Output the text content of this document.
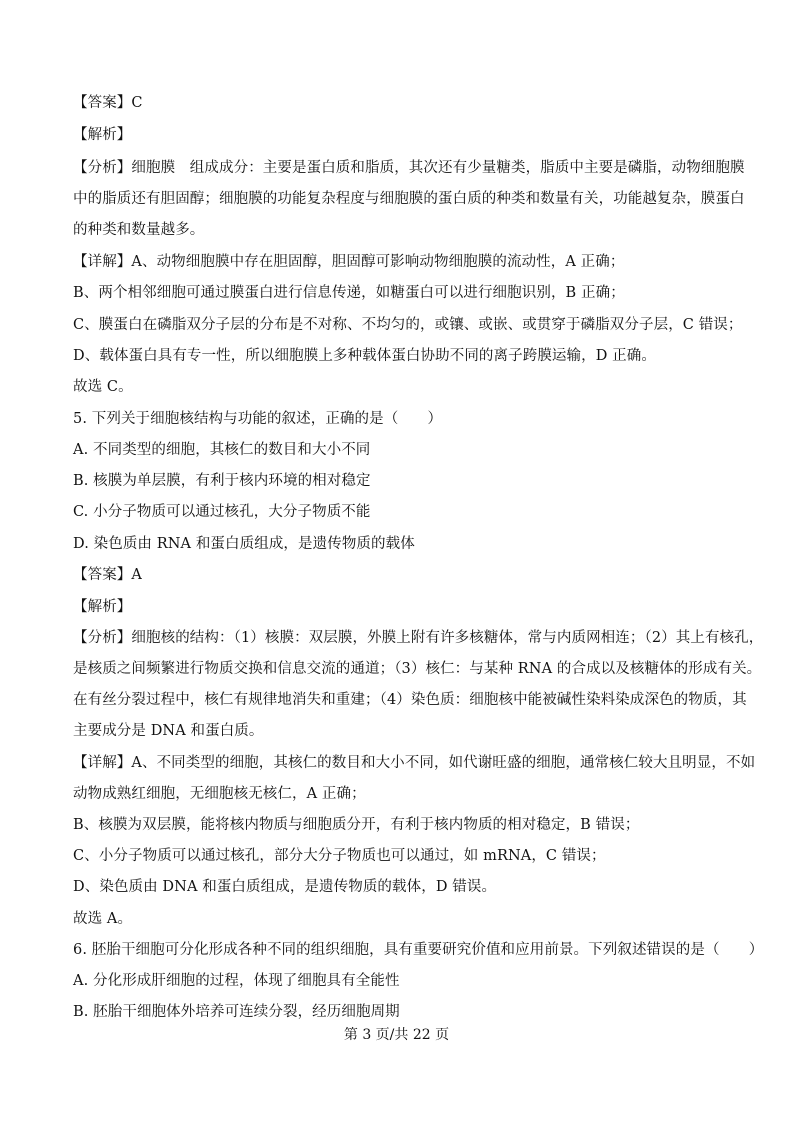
【答案】C
【解析】
【分析】细胞膜　组成成分：主要是蛋白质和脂质，其次还有少量糖类，脂质中主要是磷脂，动物细胞膜
中的脂质还有胆固醇；细胞膜的功能复杂程度与细胞膜的蛋白质的种类和数量有关，功能越复杂，膜蛋白
的种类和数量越多。
【详解】A、动物细胞膜中存在胆固醇，胆固醇可影响动物细胞膜的流动性，A 正确；
B、两个相邻细胞可通过膜蛋白进行信息传递，如糖蛋白可以进行细胞识别，B 正确；
C、膜蛋白在磷脂双分子层的分布是不对称、不均匀的，或镶、或嵌、或贯穿于磷脂双分子层，C 错误；
D、载体蛋白具有专一性，所以细胞膜上多种载体蛋白协助不同的离子跨膜运输，D 正确。
故选 C。
5. 下列关于细胞核结构与功能的叙述，正确的是（　　）
A. 不同类型的细胞，其核仁的数目和大小不同
B. 核膜为单层膜，有利于核内环境的相对稳定
C. 小分子物质可以通过核孔，大分子物质不能
D. 染色质由 RNA 和蛋白质组成，是遗传物质的载体
【答案】A
【解析】
【分析】细胞核的结构：（1）核膜：双层膜，外膜上附有许多核糖体，常与内质网相连；（2）其上有核孔，
是核质之间频繁进行物质交换和信息交流的通道；（3）核仁：与某种 RNA 的合成以及核糖体的形成有关。
在有丝分裂过程中，核仁有规律地消失和重建；（4）染色质：细胞核中能被碱性染料染成深色的物质，其
主要成分是 DNA 和蛋白质。
【详解】A、不同类型的细胞，其核仁的数目和大小不同，如代谢旺盛的细胞，通常核仁较大且明显，不如
动物成熟红细胞，无细胞核无核仁，A 正确；
B、核膜为双层膜，能将核内物质与细胞质分开，有利于核内物质的相对稳定，B 错误；
C、小分子物质可以通过核孔，部分大分子物质也可以通过，如 mRNA，C 错误；
D、染色质由 DNA 和蛋白质组成，是遗传物质的载体，D 错误。
故选 A。
6. 胚胎干细胞可分化形成各种不同的组织细胞，具有重要研究价值和应用前景。下列叙述错误的是（　　）
A. 分化形成肝细胞的过程，体现了细胞具有全能性
B. 胚胎干细胞体外培养可连续分裂，经历细胞周期
第 3 页/共 22 页
